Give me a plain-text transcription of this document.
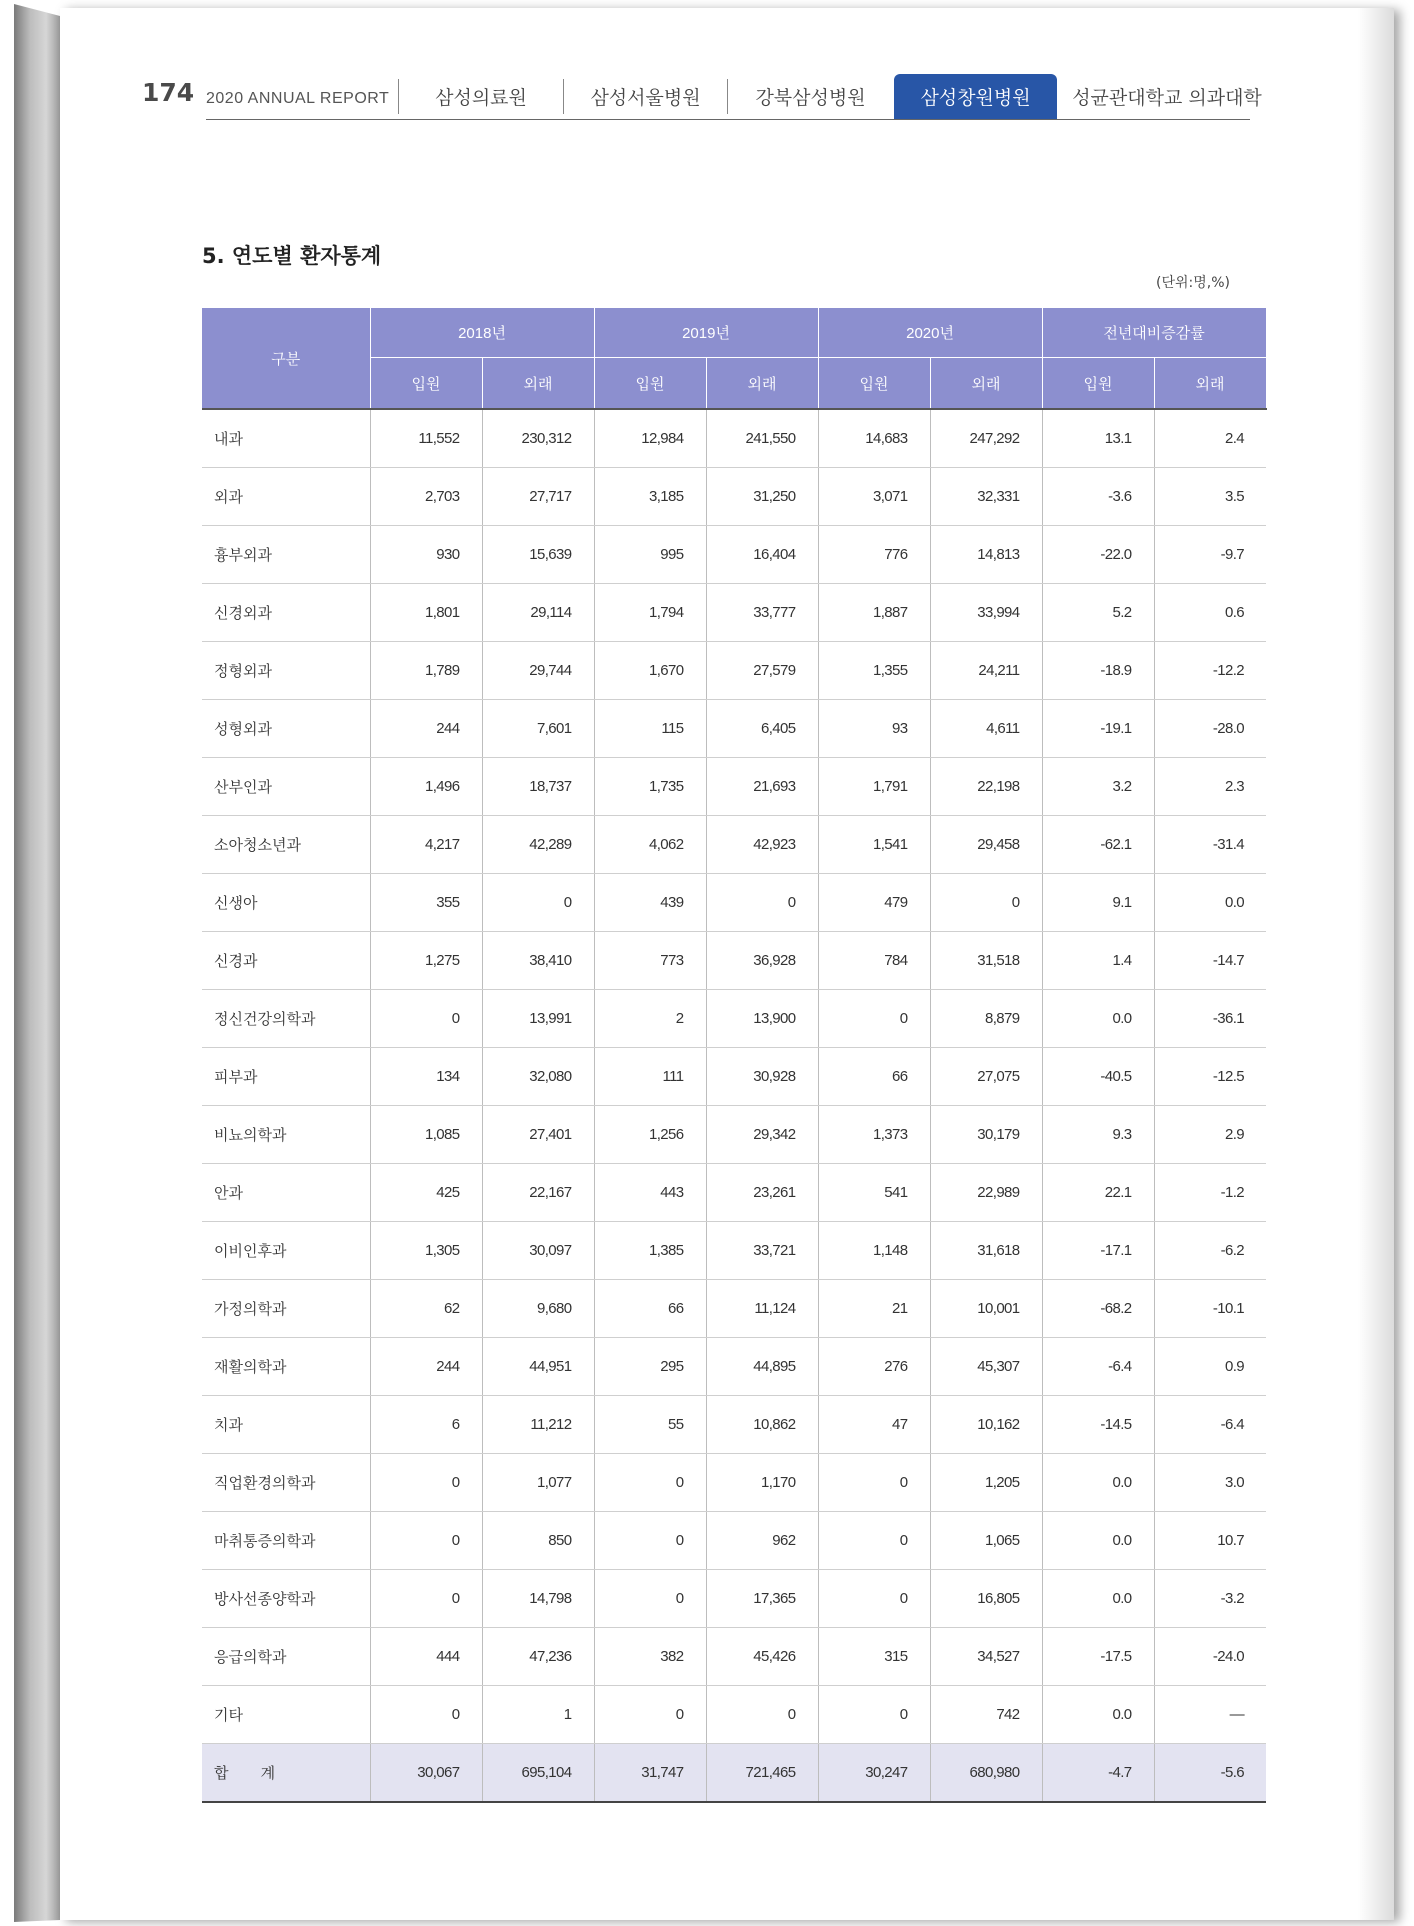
174 2020 ANNUAL REPORT	삼성의료원	삼성서울병원	강북삼성병원	삼성창원병원	성균관대학교 의과대학
5. 연도별 환자통계
(단위:명,%)
구분	2018년		2019년		2020년		전년대비증감률	
	입원	외래	입원	외래	입원	외래	입원	외래
내과	11,552	230,312	12,984	241,550	14,683	247,292	13.1	2.4
외과	2,703	27,717	3,185	31,250	3,071	32,331	-3.6	3.5
흉부외과	930	15,639	995	16,404	776	14,813	-22.0	-9.7
신경외과	1,801	29,114	1,794	33,777	1,887	33,994	5.2	0.6
정형외과	1,789	29,744	1,670	27,579	1,355	24,211	-18.9	-12.2
성형외과	244	7,601	115	6,405	93	4,611	-19.1	-28.0
산부인과	1,496	18,737	1,735	21,693	1,791	22,198	3.2	2.3
소아청소년과	4,217	42,289	4,062	42,923	1,541	29,458	-62.1	-31.4
신생아	355	0	439	0	479	0	9.1	0.0
신경과	1,275	38,410	773	36,928	784	31,518	1.4	-14.7
정신건강의학과	0	13,991	2	13,900	0	8,879	0.0	-36.1
피부과	134	32,080	111	30,928	66	27,075	-40.5	-12.5
비뇨의학과	1,085	27,401	1,256	29,342	1,373	30,179	9.3	2.9
안과	425	22,167	443	23,261	541	22,989	22.1	-1.2
이비인후과	1,305	30,097	1,385	33,721	1,148	31,618	-17.1	-6.2
가정의학과	62	9,680	66	11,124	21	10,001	-68.2	-10.1
재활의학과	244	44,951	295	44,895	276	45,307	-6.4	0.9
치과	6	11,212	55	10,862	47	10,162	-14.5	-6.4
직업환경의학과	0	1,077	0	1,170	0	1,205	0.0	3.0
마취통증의학과	0	850	0	962	0	1,065	0.0	10.7
방사선종양학과	0	14,798	0	17,365	0	16,805	0.0	-3.2
응급의학과	444	47,236	382	45,426	315	34,527	-17.5	-24.0
기타	0	1	0	0	0	742	0.0	—
합 계	30,067	695,104	31,747	721,465	30,247	680,980	-4.7	-5.6
